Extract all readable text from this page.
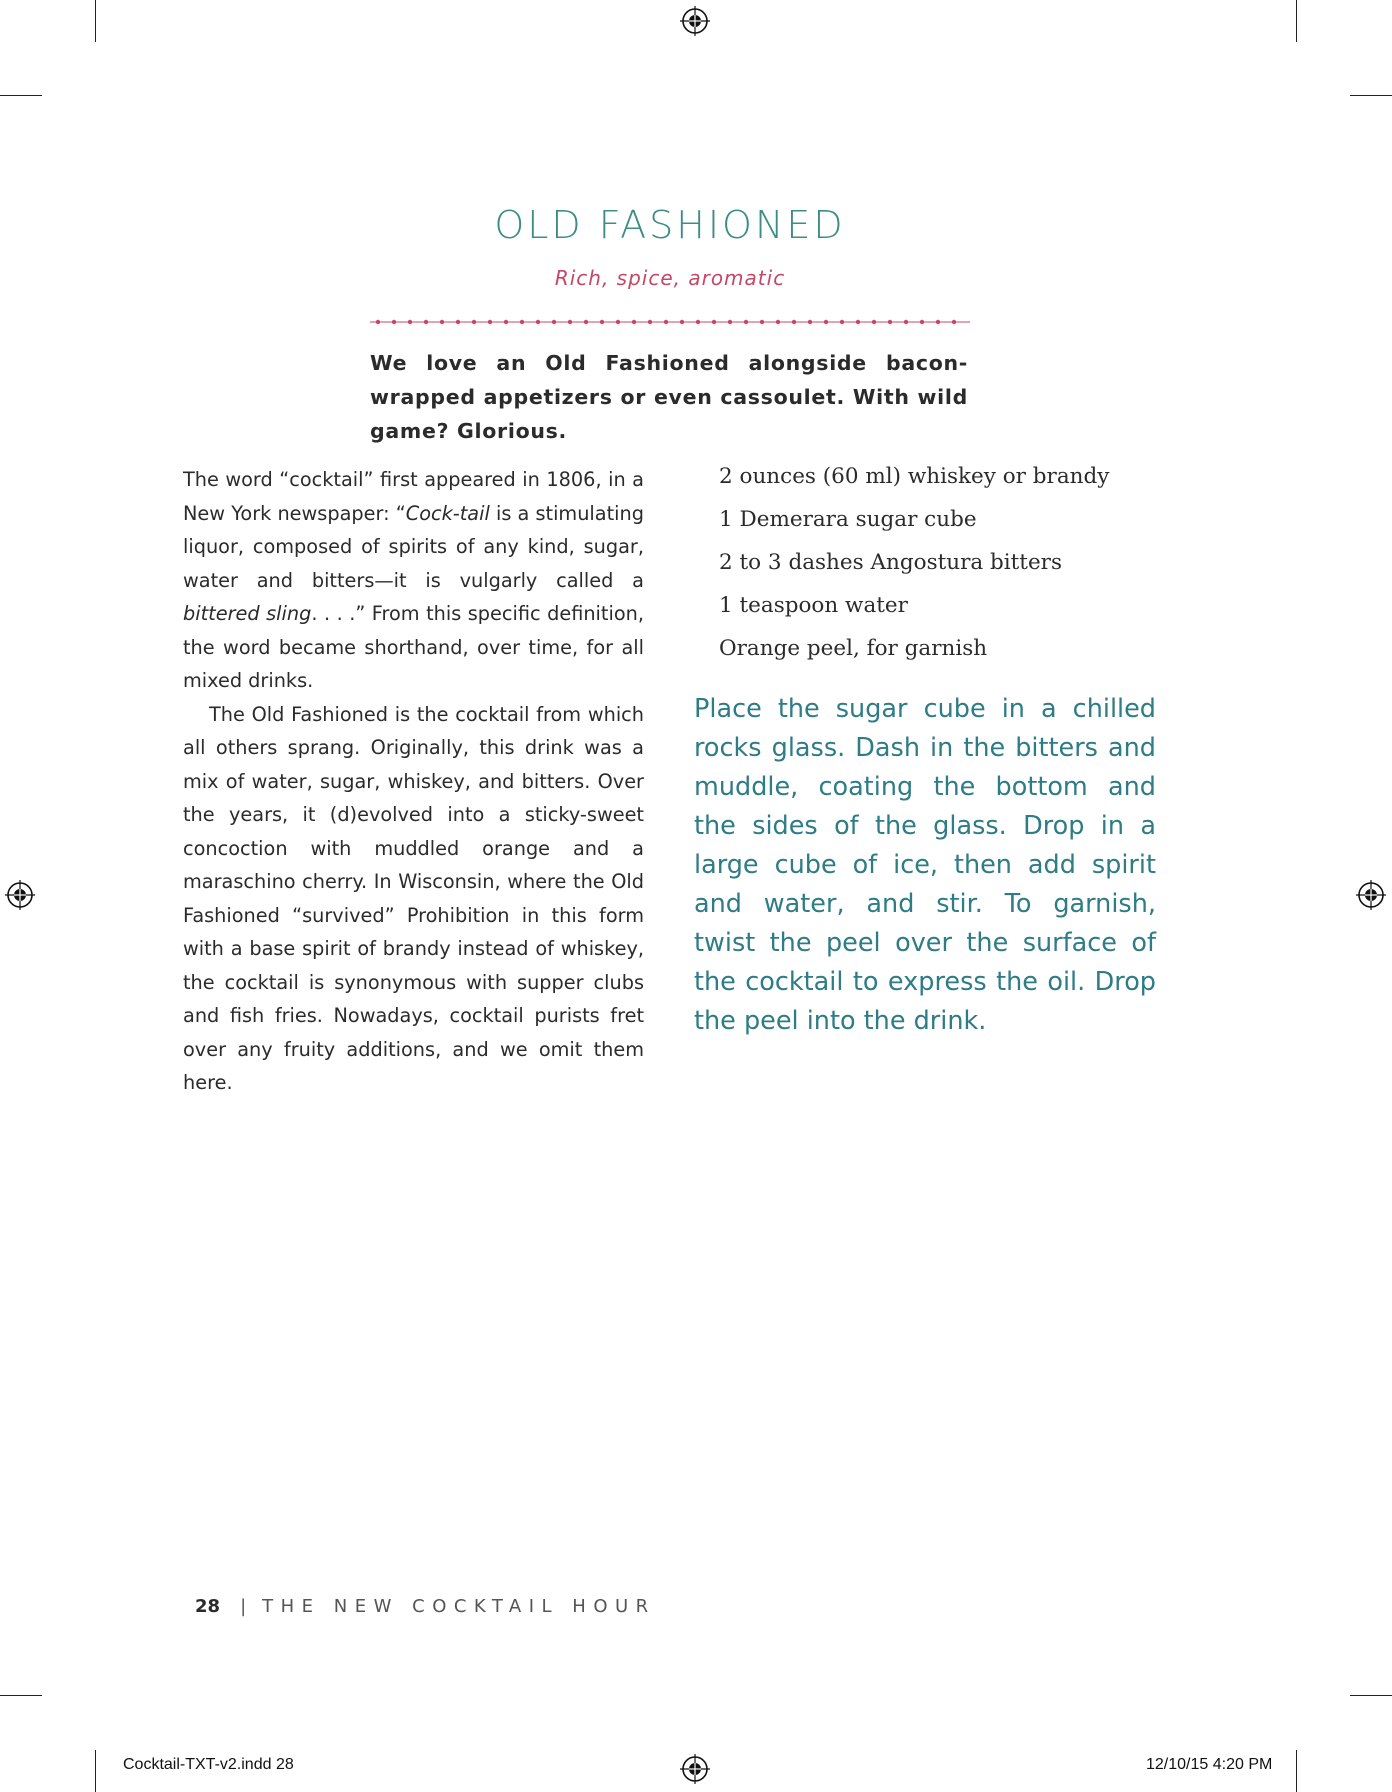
OLD FASHIONED
Rich, spice, aromatic
We love an Old Fashioned alongside bacon-wrapped appetizers or even cassoulet. With wild game? Glorious.

The word “cocktail” first appeared in 1806, in a New York newspaper: “Cock-tail is a stimulating liquor, composed of spirits of any kind, sugar, water and bitters—it is vulgarly called a bittered sling. . . .” From this specific definition, the word became shorthand, over time, for all mixed drinks.

The Old Fashioned is the cocktail from which all others sprang. Originally, this drink was a mix of water, sugar, whiskey, and bitters. Over the years, it (d)evolved into a sticky-sweet concoction with muddled orange and a maraschino cherry. In Wisconsin, where the Old Fashioned “survived” Prohibition in this form with a base spirit of brandy instead of whiskey, the cocktail is synonymous with supper clubs and fish fries. Nowadays, cocktail purists fret over any fruity additions, and we omit them here.

2 ounces (60 ml) whiskey or brandy
1 Demerara sugar cube
2 to 3 dashes Angostura bitters
1 teaspoon water
Orange peel, for garnish
Place the sugar cube in a chilled rocks glass. Dash in the bitters and muddle, coating the bottom and the sides of the glass. Drop in a large cube of ice, then add spirit and water, and stir. To garnish, twist the peel over the surface of the cocktail to express the oil. Drop the peel into the drink.
28 | THE NEW COCKTAIL HOUR
Cocktail-TXT-v2.indd 28	12/10/15 4:20 PM
